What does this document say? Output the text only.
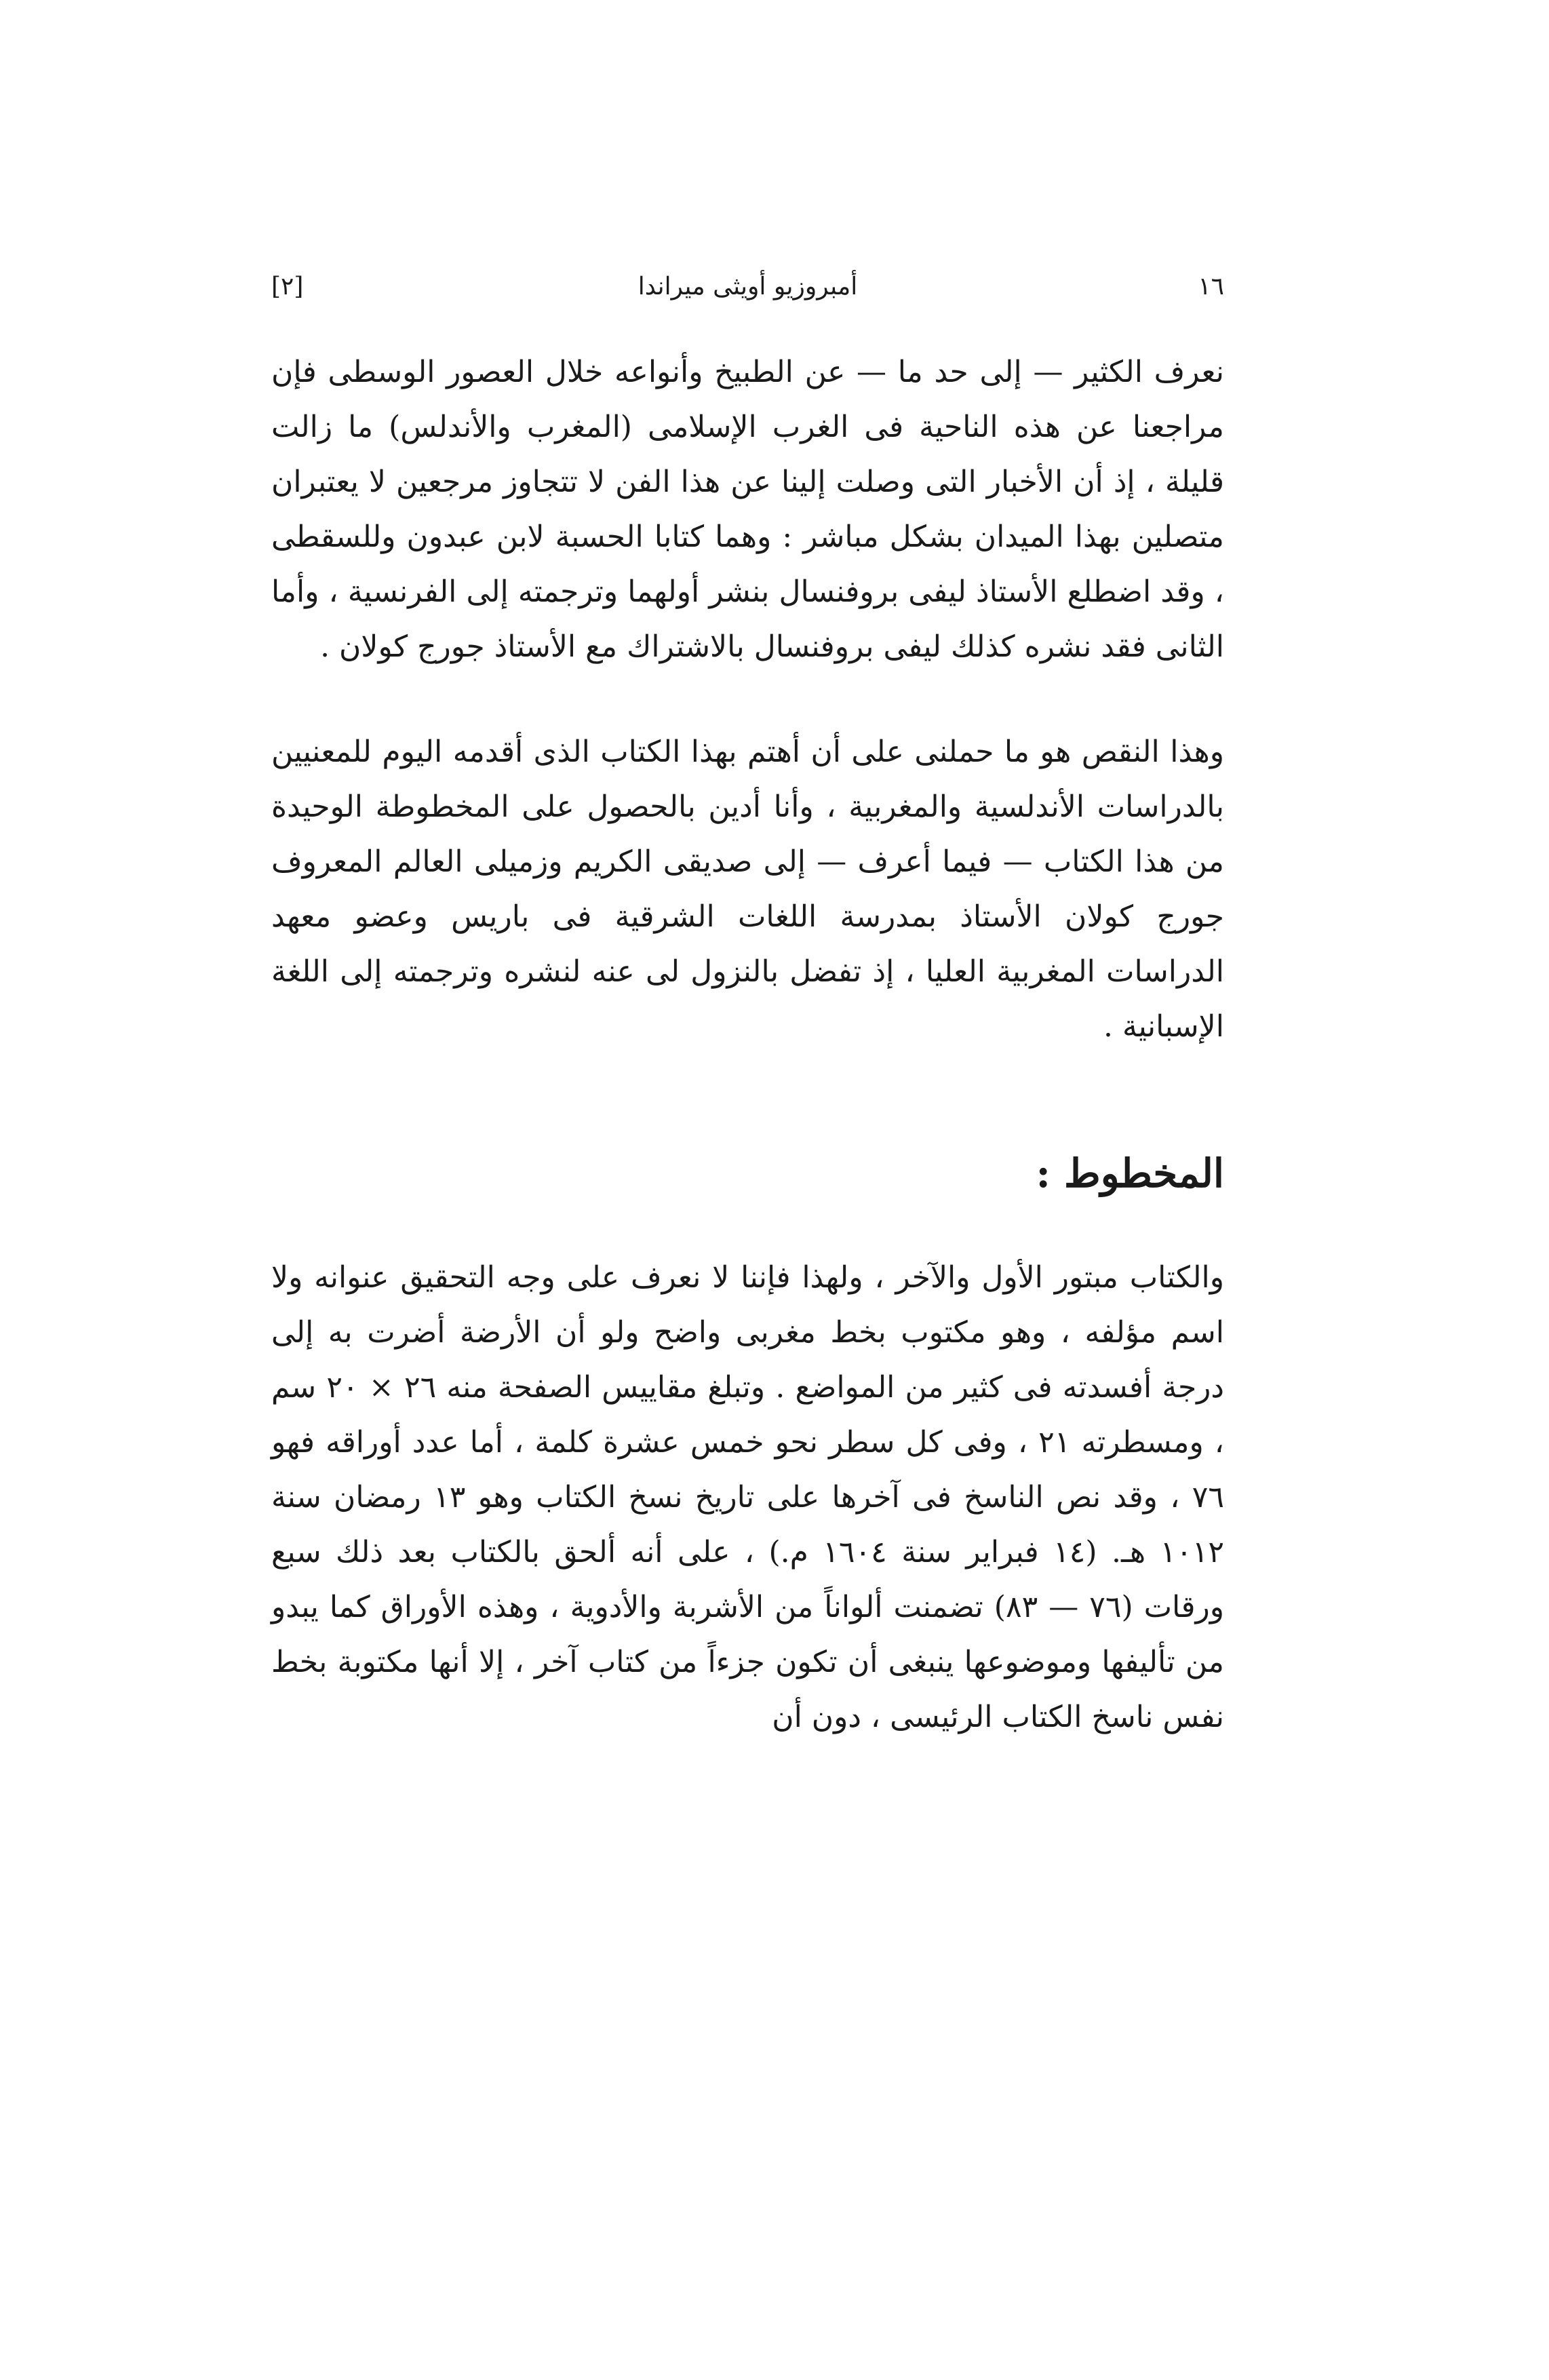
١٦
أمبروزيو أويثى ميراندا
[٢]

نعرف الكثير — إلى حد ما — عن الطبيخ وأنواعه خلال العصور الوسطى فإن مراجعنا عن هذه الناحية فى الغرب الإسلامى (المغرب والأندلس) ما زالت قليلة ، إذ أن الأخبار التى وصلت إلينا عن هذا الفن لا تتجاوز مرجعين لا يعتبران متصلين بهذا الميدان بشكل مباشر : وهما كتابا الحسبة لابن عبدون وللسقطى ، وقد اضطلع الأستاذ ليفى بروفنسال بنشر أولهما وترجمته إلى الفرنسية ، وأما الثانى فقد نشره كذلك ليفى بروفنسال بالاشتراك مع الأستاذ جورج كولان .

وهذا النقص هو ما حملنى على أن أهتم بهذا الكتاب الذى أقدمه اليوم للمعنيين بالدراسات الأندلسية والمغربية ، وأنا أدين بالحصول على المخطوطة الوحيدة من هذا الكتاب — فيما أعرف — إلى صديقى الكريم وزميلى العالم المعروف جورج كولان الأستاذ بمدرسة اللغات الشرقية فى باريس وعضو معهد الدراسات المغربية العليا ، إذ تفضل بالنزول لى عنه لنشره وترجمته إلى اللغة الإسبانية .

المخطوط :

والكتاب مبتور الأول والآخر ، ولهذا فإننا لا نعرف على وجه التحقيق عنوانه ولا اسم مؤلفه ، وهو مكتوب بخط مغربى واضح ولو أن الأرضة أضرت به إلى درجة أفسدته فى كثير من المواضع . وتبلغ مقاييس الصفحة منه ٢٦ × ٢٠ سم ، ومسطرته ٢١ ، وفى كل سطر نحو خمس عشرة كلمة ، أما عدد أوراقه فهو ٧٦ ، وقد نص الناسخ فى آخرها على تاريخ نسخ الكتاب وهو ١٣ رمضان سنة ١٠١٢ هـ. (١٤ فبراير سنة ١٦٠٤ م.) ، على أنه ألحق بالكتاب بعد ذلك سبع ورقات (٧٦ — ٨٣) تضمنت ألواناً من الأشربة والأدوية ، وهذه الأوراق كما يبدو من تأليفها وموضوعها ينبغى أن تكون جزءاً من كتاب آخر ، إلا أنها مكتوبة بخط نفس ناسخ الكتاب الرئيسى ، دون أن
